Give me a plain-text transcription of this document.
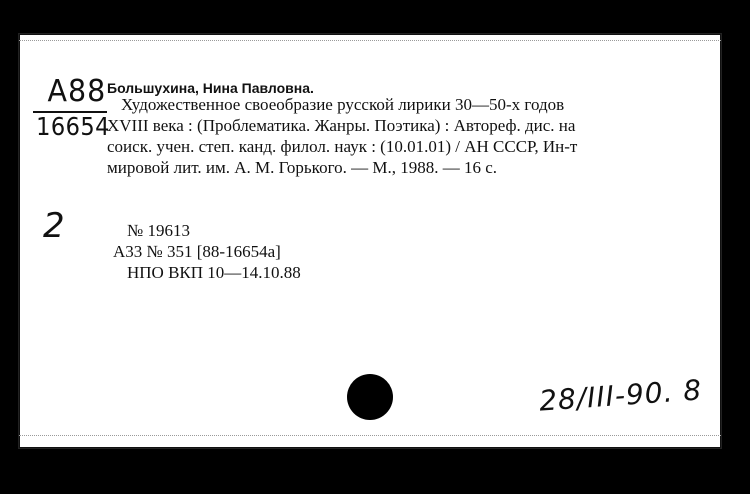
A88
16654
Большухина, Нина Павловна.
Художественное своеобразие русской лирики 30—50-х годов
XVIII века : (Проблематика. Жанры. Поэтика) : Автореф. дис. на
соиск. учен. степ. канд. филол. наук : (10.01.01) / АН СССР, Ин-т
мировой лит. им. А. М. Горького. — М., 1988. — 16 с.
2	№ 19613
А33 № 351 [88-16654а]
НПО ВКП 10—14.10.88
28/III-90. 8
